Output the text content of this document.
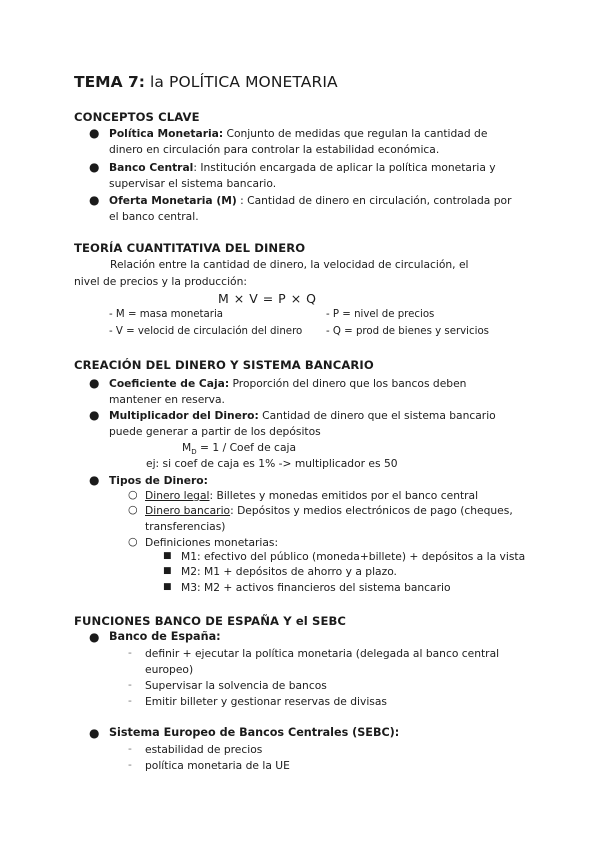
TEMA 7: la POLÍTICA MONETARIA
CONCEPTOS CLAVE
● Política Monetaria: Conjunto de medidas que regulan la cantidad de
dinero en circulación para controlar la estabilidad económica.
● Banco Central: Institución encargada de aplicar la política monetaria y
supervisar el sistema bancario.
● Oferta Monetaria (M) : Cantidad de dinero en circulación, controlada por
el banco central.
TEORÍA CUANTITATIVA DEL DINERO
Relación entre la cantidad de dinero, la velocidad de circulación, el
nivel de precios y la producción:
M × V = P × Q
- M = masa monetaria	- P = nivel de precios
- V = velocid de circulación del dinero - Q = prod de bienes y servicios
CREACIÓN DEL DINERO Y SISTEMA BANCARIO
● Coeficiente de Caja: Proporción del dinero que los bancos deben
mantener en reserva.
● Multiplicador del Dinero: Cantidad de dinero que el sistema bancario
puede generar a partir de los depósitos
$M_D = 1$ / Coef de caja
ej: si coef de caja es 1% -> multiplicador es 50
● Tipos de Dinero:
○ Dinero legal: Billetes y monedas emitidos por el banco central
○ Dinero bancario: Depósitos y medios electrónicos de pago (cheques,
transferencias)
○ Definiciones monetarias:
■ M1: efectivo del público (moneda+billete) + depósitos a la vista
■ M2: M1 + depósitos de ahorro y a plazo.
■ M3: M2 + activos financieros del sistema bancario
FUNCIONES BANCO DE ESPAÑA Y el SEBC
● Banco de España:
- definir + ejecutar la política monetaria (delegada al banco central
europeo)
- Supervisar la solvencia de bancos
- Emitir billeter y gestionar reservas de divisas
● Sistema Europeo de Bancos Centrales (SEBC):
- estabilidad de precios
- política monetaria de la UE
